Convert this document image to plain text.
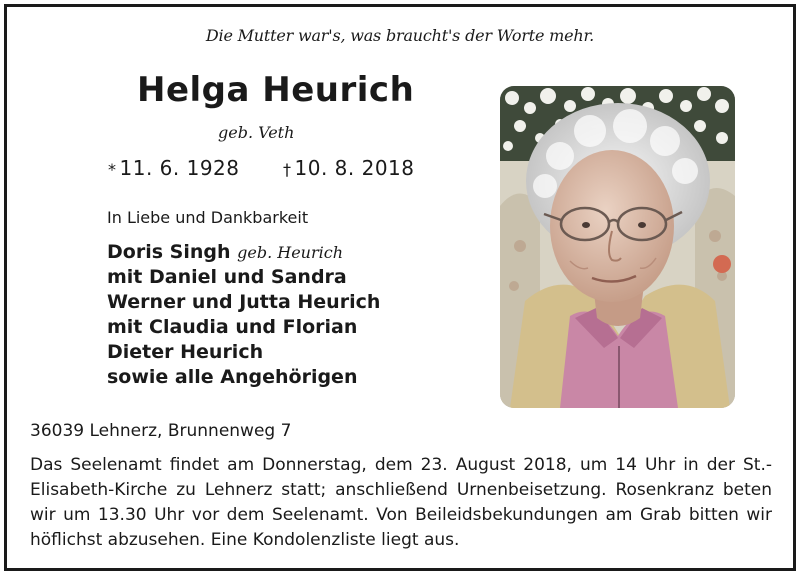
Die Mutter war's, was braucht's der Worte mehr.
Helga Heurich
geb. Veth
* 11. 6. 1928	† 10. 8. 2018
In Liebe und Dankbarkeit
Doris Singh geb. Heurich
mit Daniel und Sandra
Werner und Jutta Heurich
mit Claudia und Florian
Dieter Heurich
sowie alle Angehörigen
36039 Lehnerz, Brunnenweg 7
Das Seelenamt findet am Donnerstag, dem 23. August 2018, um 14 Uhr in der St.-Elisabeth-Kirche zu Lehnerz statt; anschließend Urnenbeisetzung. Rosenkranz beten wir um 13.30 Uhr vor dem Seelenamt. Von Beileidsbekundungen am Grab bitten wir höflichst abzusehen. Eine Kondolenzliste liegt aus.
